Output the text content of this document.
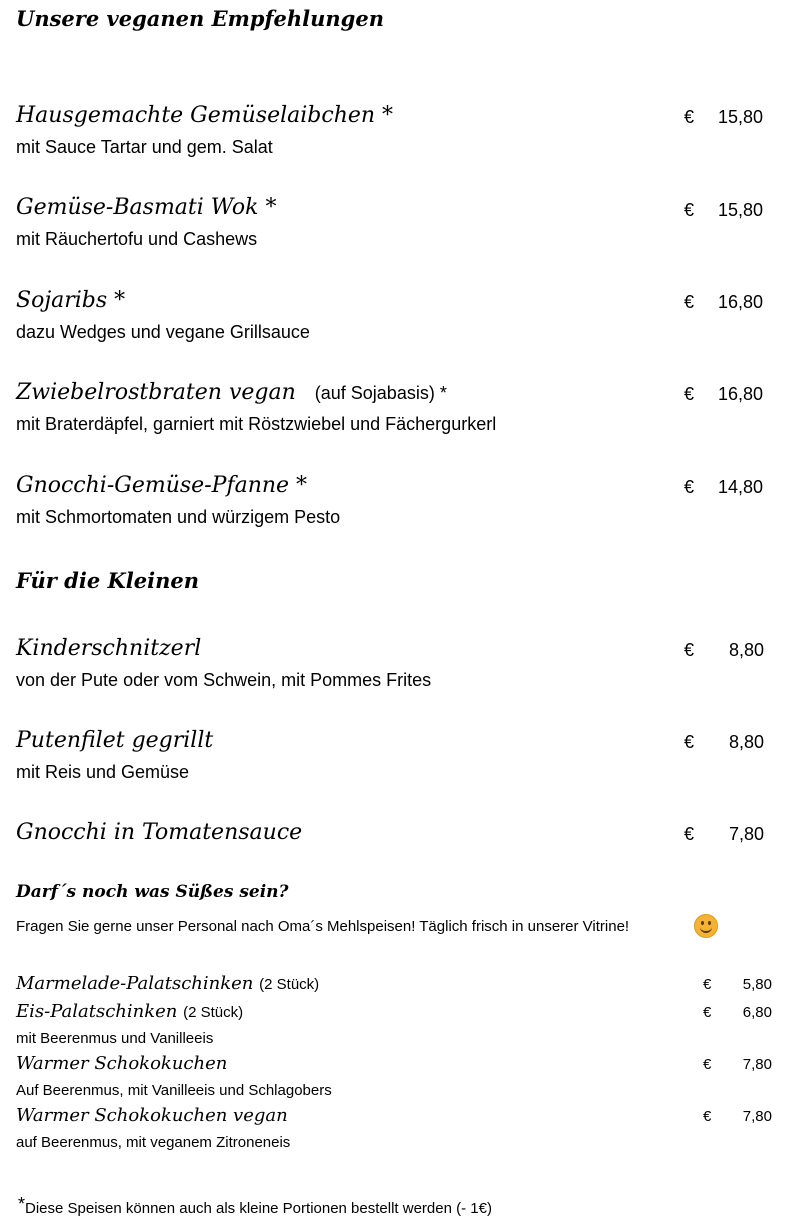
Unsere veganen Empfehlungen
Hausgemachte Gemüselaibchen *	€	15,80
mit Sauce Tartar und gem. Salat
Gemüse-Basmati Wok *	€	15,80
mit Räuchertofu und Cashews
Sojaribs *	€	16,80
dazu Wedges und vegane Grillsauce
Zwiebelrostbraten vegan (auf Sojabasis) *	€	16,80
mit Braterdäpfel, garniert mit Röstzwiebel und Fächergurkerl
Gnocchi-Gemüse-Pfanne *	€	14,80
mit Schmortomaten und würzigem Pesto
Für die Kleinen
Kinderschnitzerl	€	8,80
von der Pute oder vom Schwein, mit Pommes Frites
Putenfilet gegrillt	€	8,80
mit Reis und Gemüse
Gnocchi in Tomatensauce	€	7,80
Darf´s noch was Süßes sein?
Fragen Sie gerne unser Personal nach Oma´s Mehlspeisen! Täglich frisch in unserer Vitrine!
Marmelade-Palatschinken (2 Stück)	€	5,80
Eis-Palatschinken (2 Stück)	€	6,80
mit Beerenmus und Vanilleeis
Warmer Schokokuchen	€	7,80
Auf Beerenmus, mit Vanilleeis und Schlagobers
Warmer Schokokuchen vegan	€	7,80
auf Beerenmus, mit veganem Zitroneneis
*Diese Speisen können auch als kleine Portionen bestellt werden (- 1€)
